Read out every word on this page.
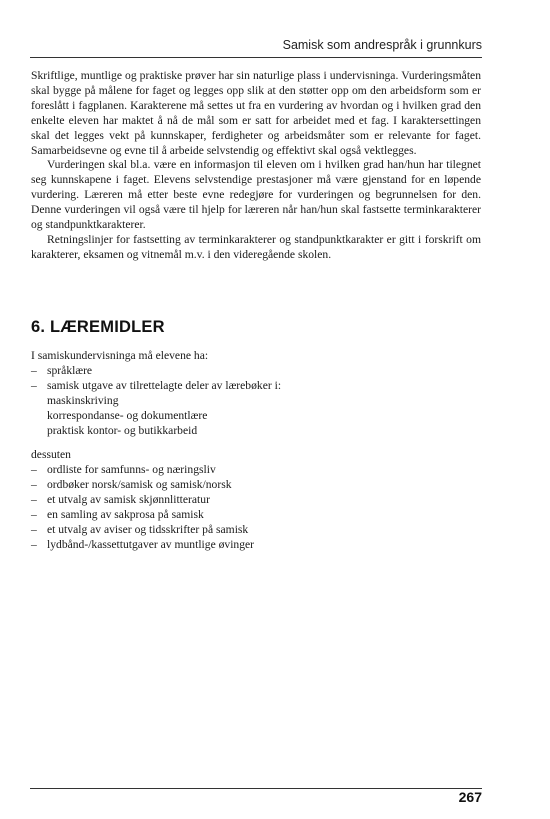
Samisk som andrespråk i grunnkurs

Skriftlige, muntlige og praktiske prøver har sin naturlige plass i undervisninga. Vurderingsmåten skal bygge på målene for faget og legges opp slik at den støtter opp om den arbeidsform som er foreslått i fagplanen. Karakterene må settes ut fra en vurdering av hvordan og i hvilken grad den enkelte eleven har maktet å nå de mål som er satt for arbeidet med et fag. I karaktersettingen skal det legges vekt på kunnskaper, ferdigheter og arbeidsmåter som er relevante for faget. Samarbeidsevne og evne til å arbeide selvstendig og effektivt skal også vektlegges.

Vurderingen skal bl.a. være en informasjon til eleven om i hvilken grad han/hun har tilegnet seg kunnskapene i faget. Elevens selvstendige prestasjoner må være gjenstand for en løpende vurdering. Læreren må etter beste evne redegjøre for vurderingen og begrunnelsen for den. Denne vurderingen vil også være til hjelp for læreren når han/hun skal fastsette terminkarakterer og standpunktkarakterer.

Retningslinjer for fastsetting av terminkarakterer og standpunktkarakter er gitt i forskrift om karakterer, eksamen og vitnemål m.v. i den videregående skolen.

6. LÆREMIDLER

I samiskundervisninga må elevene ha:

– språklære
– samisk utgave av tilrettelagte deler av lærebøker i:
maskinskriving
korrespondanse- og dokumentlære
praktisk kontor- og butikkarbeid
dessuten
– ordliste for samfunns- og næringsliv
– ordbøker norsk/samisk og samisk/norsk
– et utvalg av samisk skjønnlitteratur
– en samling av sakprosa på samisk
– et utvalg av aviser og tidsskrifter på samisk
– lydbånd-/kassettutgaver av muntlige øvinger
267
